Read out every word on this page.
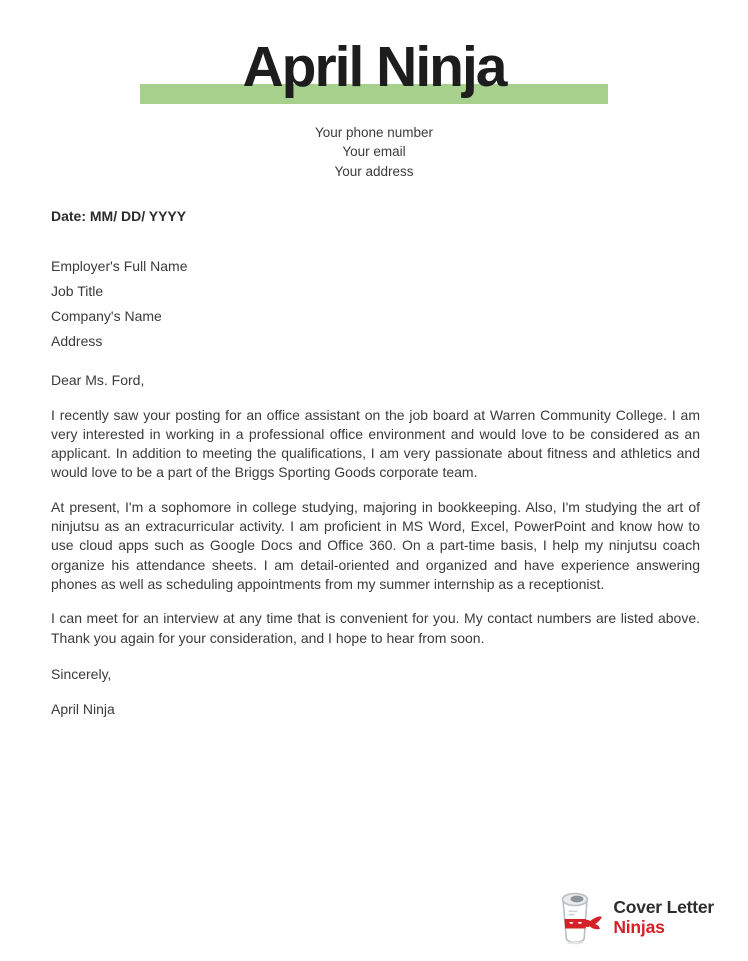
April Ninja
Your phone number
Your email
Your address
Date: MM/ DD/ YYYY
Employer's Full Name
Job Title
Company's Name
Address
Dear Ms. Ford,

I recently saw your posting for an office assistant on the job board at Warren Community College. I am very interested in working in a professional office environment and would love to be considered as an applicant. In addition to meeting the qualifications, I am very passionate about fitness and athletics and would love to be a part of the Briggs Sporting Goods corporate team.

At present, I'm a sophomore in college studying, majoring in bookkeeping. Also, I'm studying the art of ninjutsu as an extracurricular activity. I am proficient in MS Word, Excel, PowerPoint and know how to use cloud apps such as Google Docs and Office 360. On a part-time basis, I help my ninjutsu coach organize his attendance sheets. I am detail-oriented and organized and have experience answering phones as well as scheduling appointments from my summer internship as a receptionist.

I can meet for an interview at any time that is convenient for you. My contact numbers are listed above. Thank you again for your consideration, and I hope to hear from soon.

Sincerely,
April Ninja
Cover Letter
Ninjas
